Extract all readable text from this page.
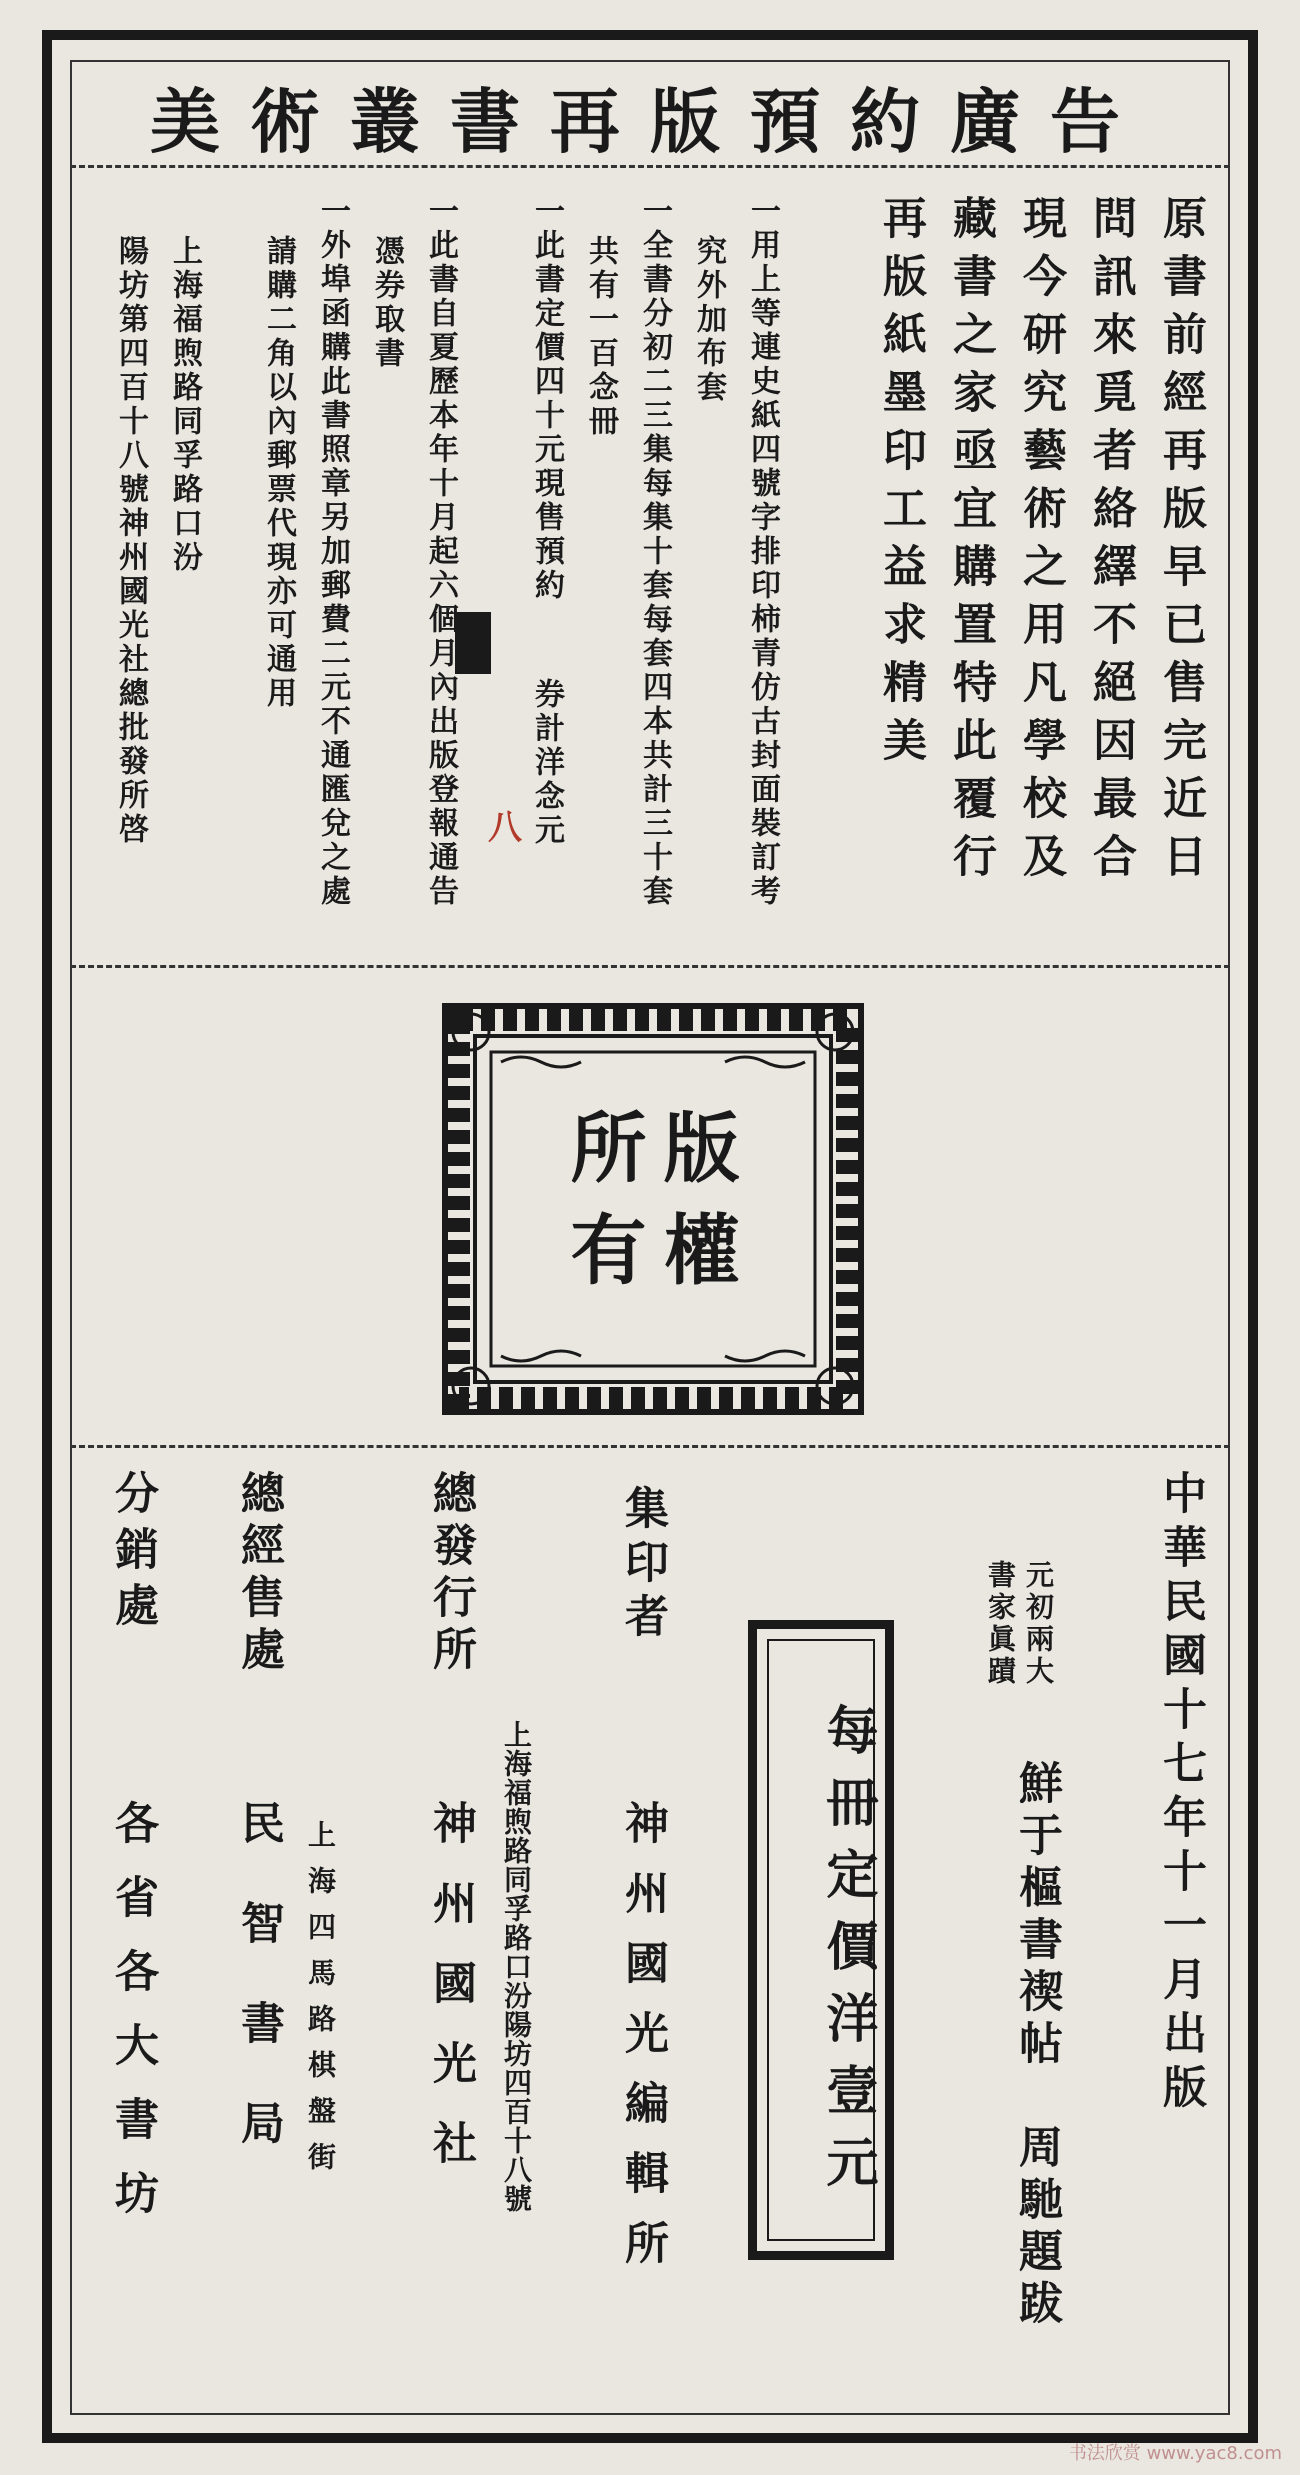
美術叢書再版預約廣告
原書前經再版早已售完近日
問訊來覓者絡繹不絕因最合
現今研究藝術之用凡學校及
藏書之家亟宜購置特此覆行
再版紙墨印工益求精美
一用上等連史紙四號字排印柿青仿古封面裝訂考
究外加布套
一全書分初二三集每集十套每套四本共計三十套
共有一百念冊
一此書定價四十元現售預約
券計洋念元
八
一此書自夏歷本年十月起六個月內出版登報通告
憑券取書
一外埠函購此書照章另加郵費二元不通匯兌之處
請購二角以內郵票代現亦可通用
上海福煦路同孚路口汾
陽坊第四百十八號神州國光社總批發所啓
版權
所有
中華民國十七年十一月出版
元初兩大
書家眞蹟
鮮于樞書禊帖　周馳題跋
每冊定價洋壹元
集印者
神州國光編輯所
總發行所
上海福煦路同孚路口汾陽坊四百十八號
神州國光社
總經售處
上海四馬路棋盤街
民智書局
分銷處
各省各大書坊
书法欣赏 www.yac8.com
